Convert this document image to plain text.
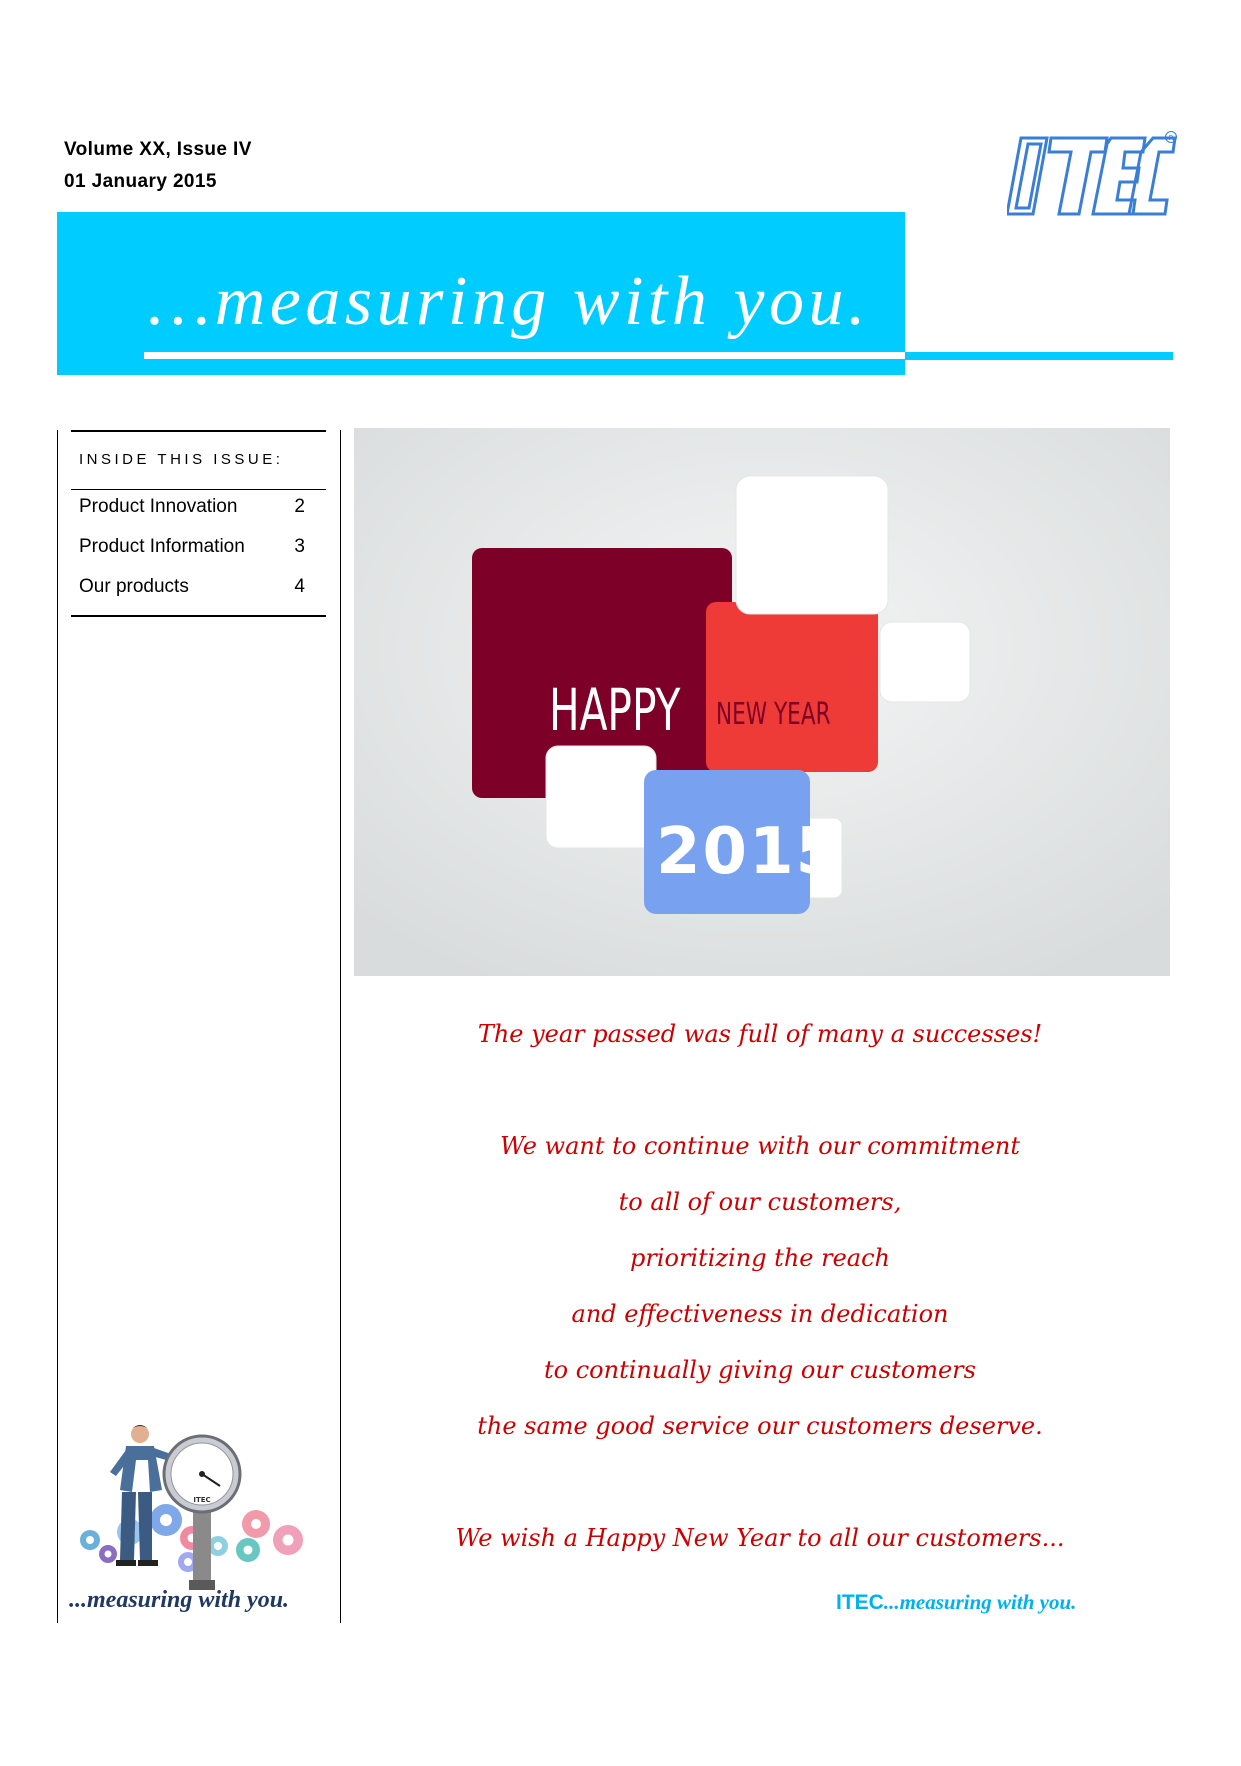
Volume XX, Issue IV
01 January 2015
R
ITEC
…measuring with you.
INSIDE THIS ISSUE:
Product Innovation	2
Product Information	3
Our products	4
ITEC
...measuring with you.
HAPPY NEW YEAR
2015
The year passed was full of many a successes!
We want to continue with our commitment
to all of our customers,
prioritizing the reach
and effectiveness in dedication
to continually giving our customers
the same good service our customers deserve.
We wish a Happy New Year to all our customers...
ITEC...measuring with you.
